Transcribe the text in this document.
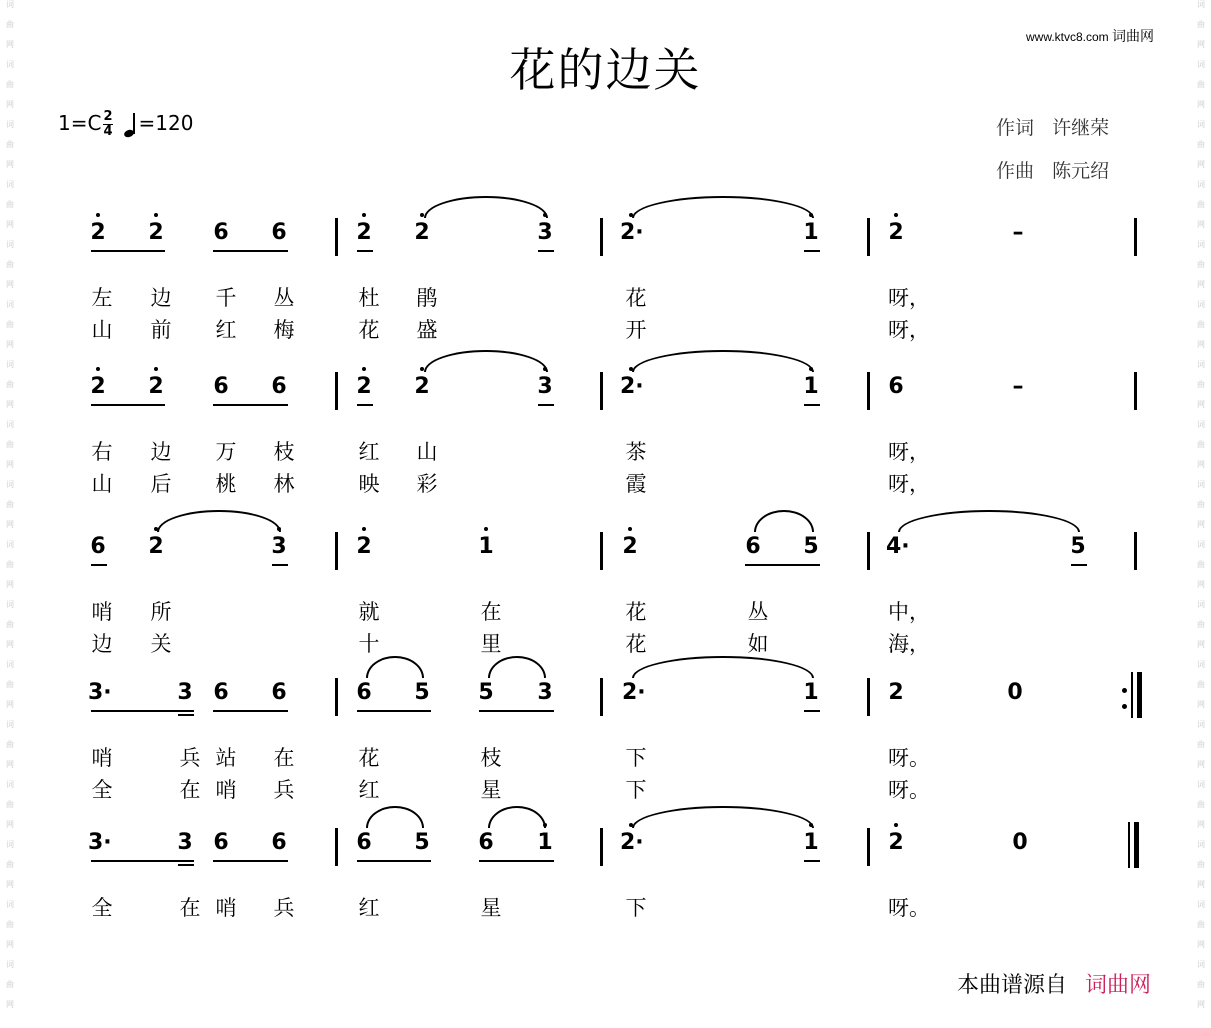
词
曲
网
词
曲
网
词
曲
网
词
曲
网
词
曲
网
词
曲
网
词
曲
网
词
曲
网
词
曲
网
词
曲
网
词
曲
网
词
曲
网
词
曲
网
词
曲
网
词
曲
网
词
曲
网
词
曲
网
词
曲
网
词
曲
网
词
曲
网
词
曲
网
词
曲
网
词
曲
网
词
曲
网
词
曲
网
词
曲
网
词
曲
网
词
曲
网
词
曲
网
词
曲
网
词
曲
网
词
曲
网
词
曲
网
词
曲
网
www.ktvc8.com 词曲网
花的边关
$1=C \frac{2}{4} =120$	作词 许继荣
作曲 陈元绍
2 2 6 6	2 2	3	2·	1	2	–
左 边 千 丛	杜 鹃	花	呀，
山 前 红 梅	花 盛	开	呀，
2 2 6 6	2 2	3	2·	1	6	–
右 边 万 枝	红 山	茶	呀，
山 后 桃 林	映 彩	霞	呀，
6 2	3	2	1	2	6 5	4·	5
哨 所	就	在	花	丛	中，
边 关	十	里	花	如	海，
3·	3 6 6	6 5 5 3	2·	1	2	0
哨	兵 站 在	花	枝	下	呀。
全	在 哨 兵	红	星	下	呀。
3·	3 6 6	6 5 6 1	2·	1	2	0
全	在 哨 兵	红	星	下	呀。
本曲谱源自 词曲网
